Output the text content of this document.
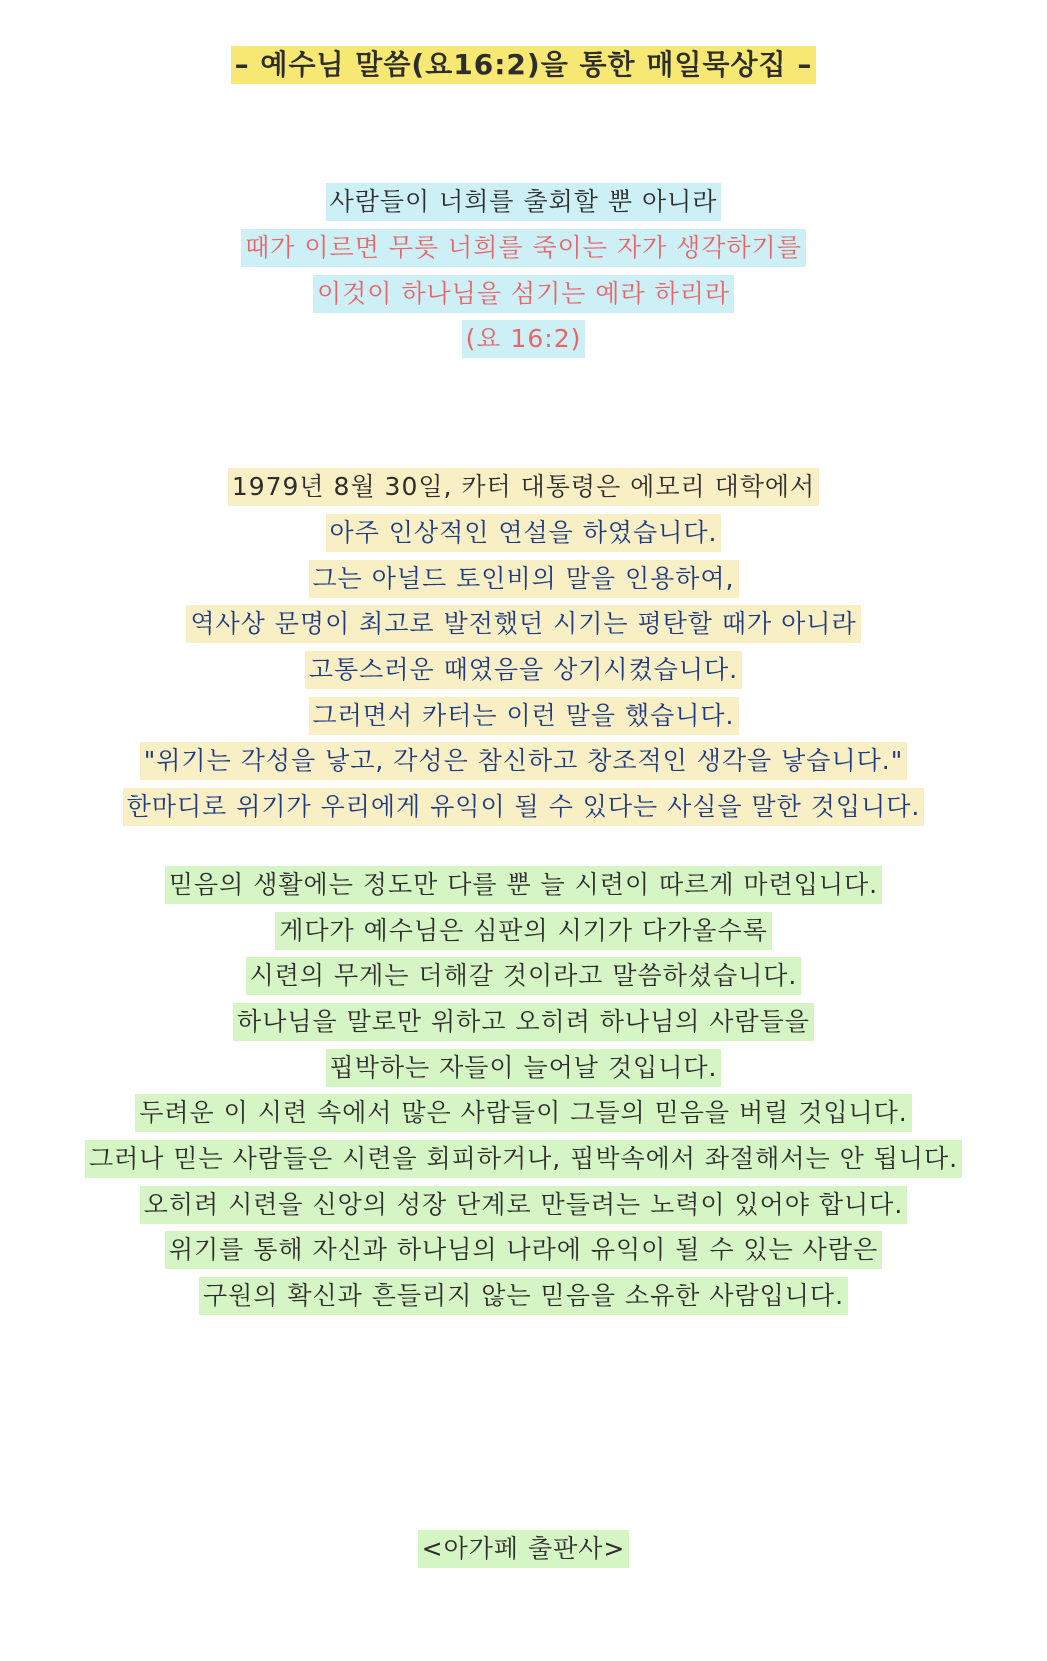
– 예수님 말씀(요16:2)을 통한 매일묵상집 –
사람들이 너희를 출회할 뿐 아니라
때가 이르면 무릇 너희를 죽이는 자가 생각하기를
이것이 하나님을 섬기는 예라 하리라
(요 16:2)
1979년 8월 30일, 카터 대통령은 에모리 대학에서
아주 인상적인 연설을 하였습니다.
그는 아널드 토인비의 말을 인용하여,
역사상 문명이 최고로 발전했던 시기는 평탄할 때가 아니라
고통스러운 때였음을 상기시켰습니다.
그러면서 카터는 이런 말을 했습니다.
"위기는 각성을 낳고, 각성은 참신하고 창조적인 생각을 낳습니다."
한마디로 위기가 우리에게 유익이 될 수 있다는 사실을 말한 것입니다.
믿음의 생활에는 정도만 다를 뿐 늘 시련이 따르게 마련입니다.
게다가 예수님은 심판의 시기가 다가올수록
시련의 무게는 더해갈 것이라고 말씀하셨습니다.
하나님을 말로만 위하고 오히려 하나님의 사람들을
핍박하는 자들이 늘어날 것입니다.
두려운 이 시련 속에서 많은 사람들이 그들의 믿음을 버릴 것입니다.
그러나 믿는 사람들은 시련을 회피하거나, 핍박속에서 좌절해서는 안 됩니다.
오히려 시련을 신앙의 성장 단계로 만들려는 노력이 있어야 합니다.
위기를 통해 자신과 하나님의 나라에 유익이 될 수 있는 사람은
구원의 확신과 흔들리지 않는 믿음을 소유한 사람입니다.
<아가페 출판사>
